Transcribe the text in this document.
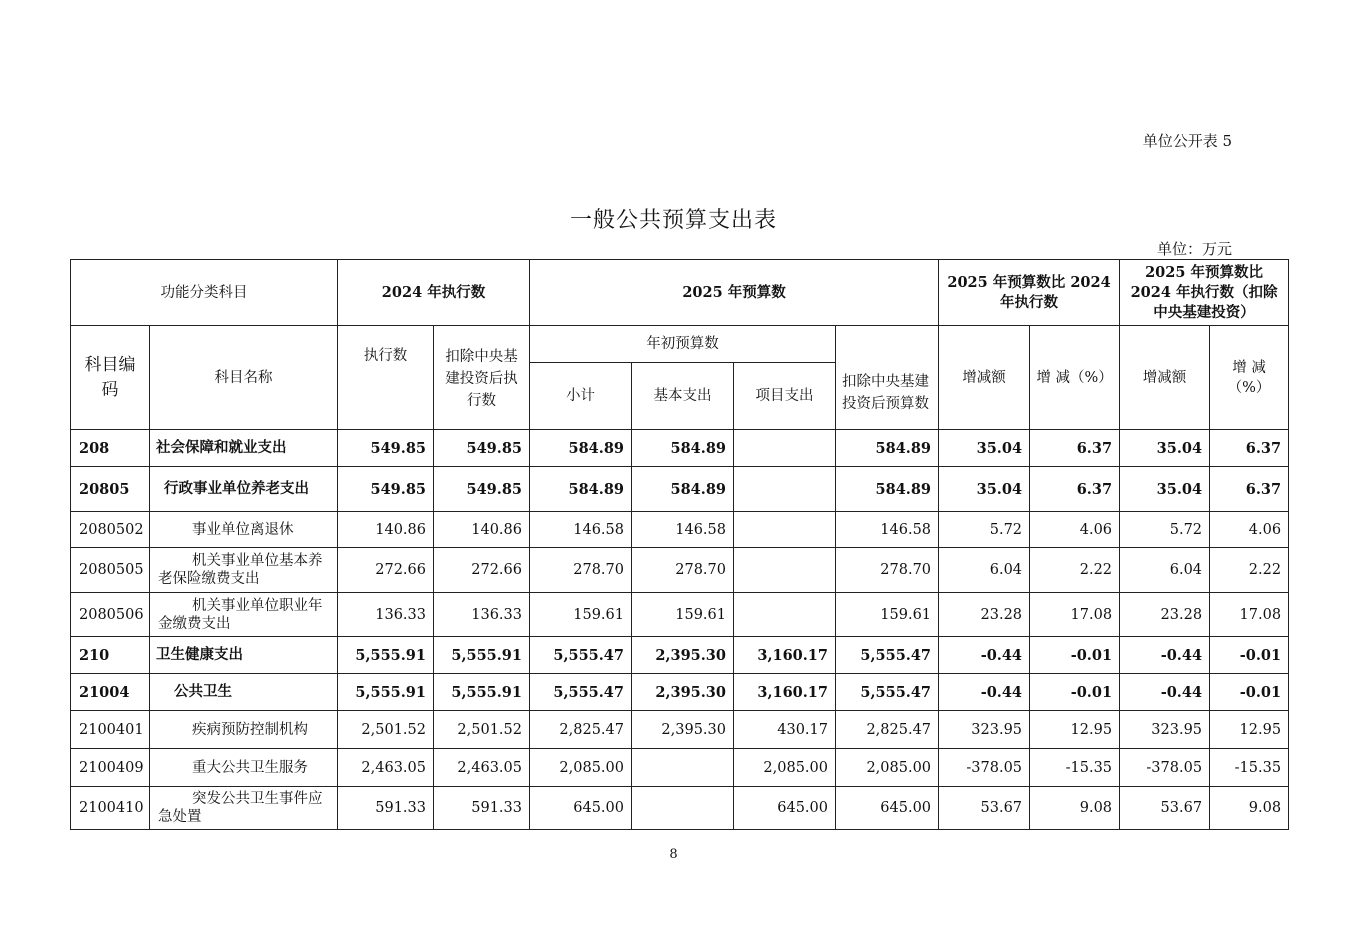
单位公开表 5
一般公共预算支出表
单位：万元
功能分类科目		2024 年执行数		2025 年预算数				2025 年预算数比 2024 年执行数		2025 年预算数比 2024 年执行数（扣除中央基建投资）	
科目编码	科目名称	执行数	扣除中央基建投资后执行数	年初预算数			扣除中央基建投资后预算数	增减额	增 减（%）	增减额	增 减（%）
				小计	基本支出	项目支出					
208	社会保障和就业支出	549.85	549.85	584.89	584.89		584.89	35.04	6.37	35.04	6.37
20805	行政事业单位养老支出	549.85	549.85	584.89	584.89		584.89	35.04	6.37	35.04	6.37
2080502	事业单位离退休	140.86	140.86	146.58	146.58		146.58	5.72	4.06	5.72	4.06
2080505	机关事业单位基本养老保险缴费支出	272.66	272.66	278.70	278.70		278.70	6.04	2.22	6.04	2.22
2080506	机关事业单位职业年金缴费支出	136.33	136.33	159.61	159.61		159.61	23.28	17.08	23.28	17.08
210	卫生健康支出	5,555.91	5,555.91	5,555.47	2,395.30	3,160.17	5,555.47	-0.44	-0.01	-0.44	-0.01
21004	公共卫生	5,555.91	5,555.91	5,555.47	2,395.30	3,160.17	5,555.47	-0.44	-0.01	-0.44	-0.01
2100401	疾病预防控制机构	2,501.52	2,501.52	2,825.47	2,395.30	430.17	2,825.47	323.95	12.95	323.95	12.95
2100409	重大公共卫生服务	2,463.05	2,463.05	2,085.00		2,085.00	2,085.00	-378.05	-15.35	-378.05	-15.35
2100410	突发公共卫生事件应急处置	591.33	591.33	645.00		645.00	645.00	53.67	9.08	53.67	9.08
8
